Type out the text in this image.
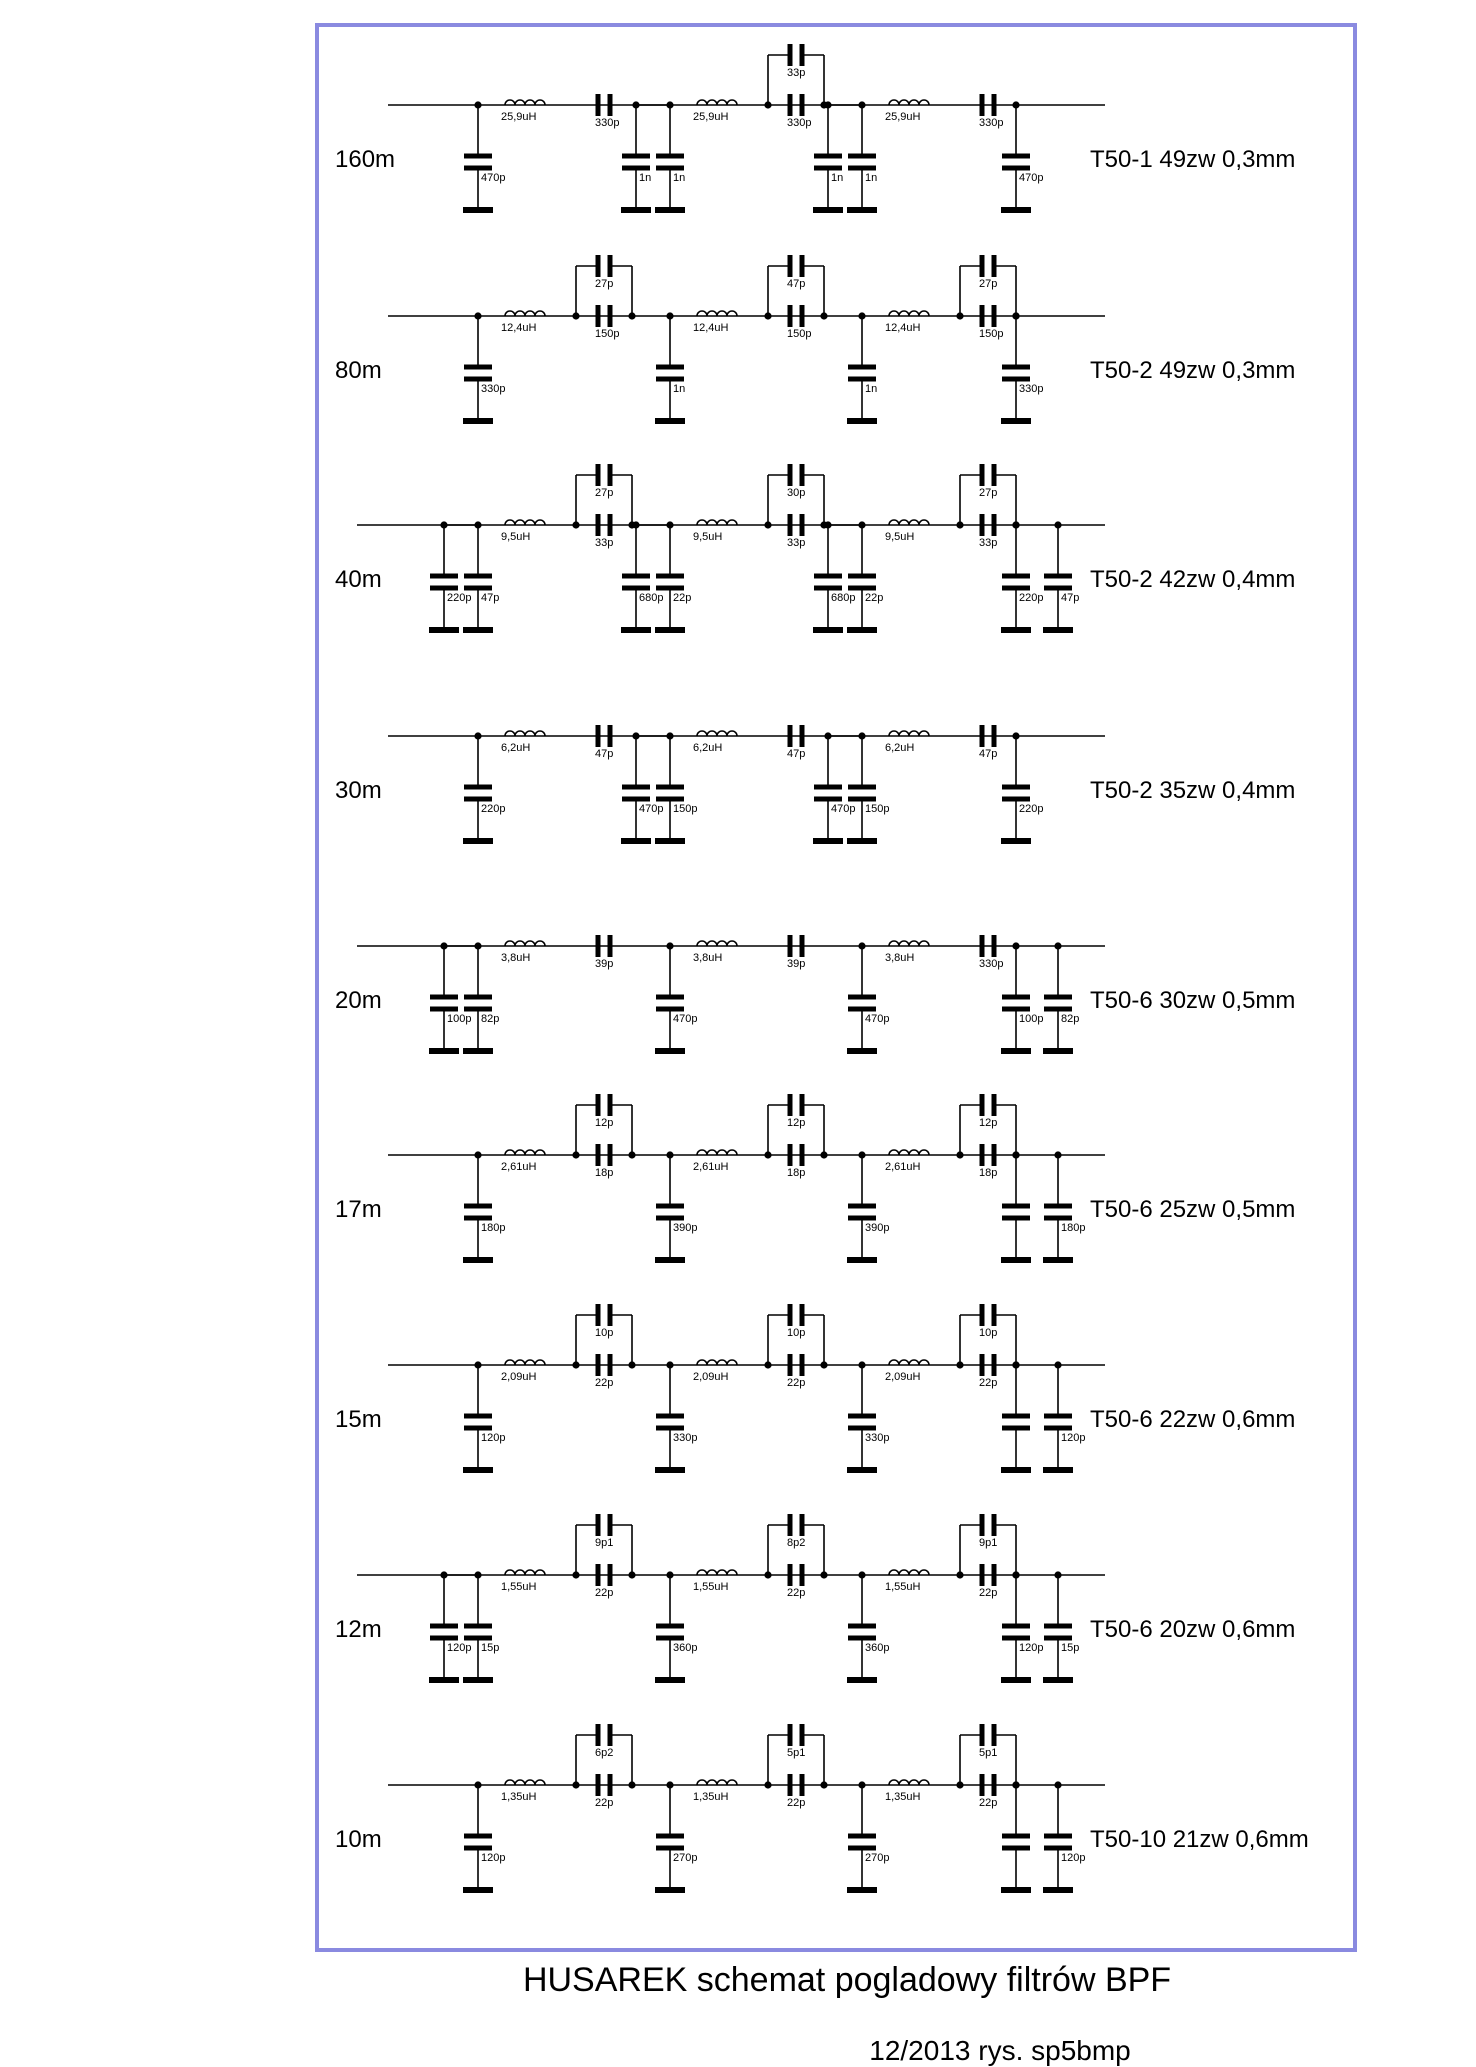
160m	T50-1 49zw 0,3mm
470p	470p
1n 1n	1n 1n
25,9uH	330p	25,9uH	330p
33p
25,9uH	330p
80m	T50-2 49zw 0,3mm
330p	330p
1n	1n
12,4uH	150p
27p
12,4uH	150p
47p
12,4uH	150p
27p
40m	T50-2 42zw 0,4mm
220p 47p	220p 47p
680p 22p	680p 22p
9,5uH	33p
27p
9,5uH	33p
30p
9,5uH	33p
27p
30m	T50-2 35zw 0,4mm
220p	220p
470p 150p	470p 150p
6,2uH	47p	6,2uH	47p	6,2uH	47p
20m	T50-6 30zw 0,5mm
100p 82p	100p 82p
470p	470p
3,8uH	39p	3,8uH	39p	3,8uH	330p
17m	T50-6 25zw 0,5mm
180p	180p
390p	390p
2,61uH	18p
12p
2,61uH	18p
12p
2,61uH	18p
12p
15m	T50-6 22zw 0,6mm
120p	120p
330p	330p
2,09uH	22p
10p
2,09uH	22p
10p
2,09uH	22p
10p
12m	T50-6 20zw 0,6mm
120p 15p	120p 15p
360p	360p
1,55uH	22p
9p1
1,55uH	22p
8p2
1,55uH	22p
9p1
10m	T50-10 21zw 0,6mm
120p	120p
270p	270p
1,35uH	22p
6p2
1,35uH	22p
5p1
1,35uH	22p
5p1
HUSAREK schemat pogladowy filtrów BPF
12/2013 rys. sp5bmp
